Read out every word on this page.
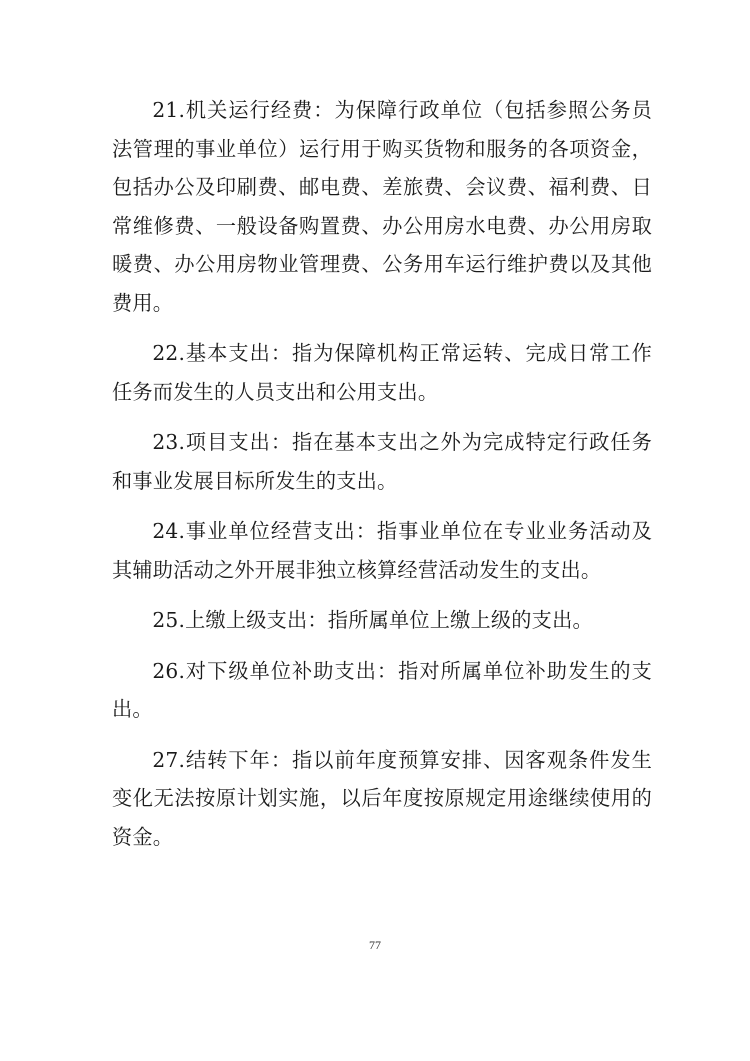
21.机关运行经费：为保障行政单位（包括参照公务员法管理的事业单位）运行用于购买货物和服务的各项资金，包括办公及印刷费、邮电费、差旅费、会议费、福利费、日常维修费、一般设备购置费、办公用房水电费、办公用房取暖费、办公用房物业管理费、公务用车运行维护费以及其他费用。

22.基本支出：指为保障机构正常运转、完成日常工作任务而发生的人员支出和公用支出。

23.项目支出：指在基本支出之外为完成特定行政任务和事业发展目标所发生的支出。

24.事业单位经营支出：指事业单位在专业业务活动及其辅助活动之外开展非独立核算经营活动发生的支出。

25.上缴上级支出：指所属单位上缴上级的支出。

26.对下级单位补助支出：指对所属单位补助发生的支出。

27.结转下年：指以前年度预算安排、因客观条件发生变化无法按原计划实施，以后年度按原规定用途继续使用的资金。

77
